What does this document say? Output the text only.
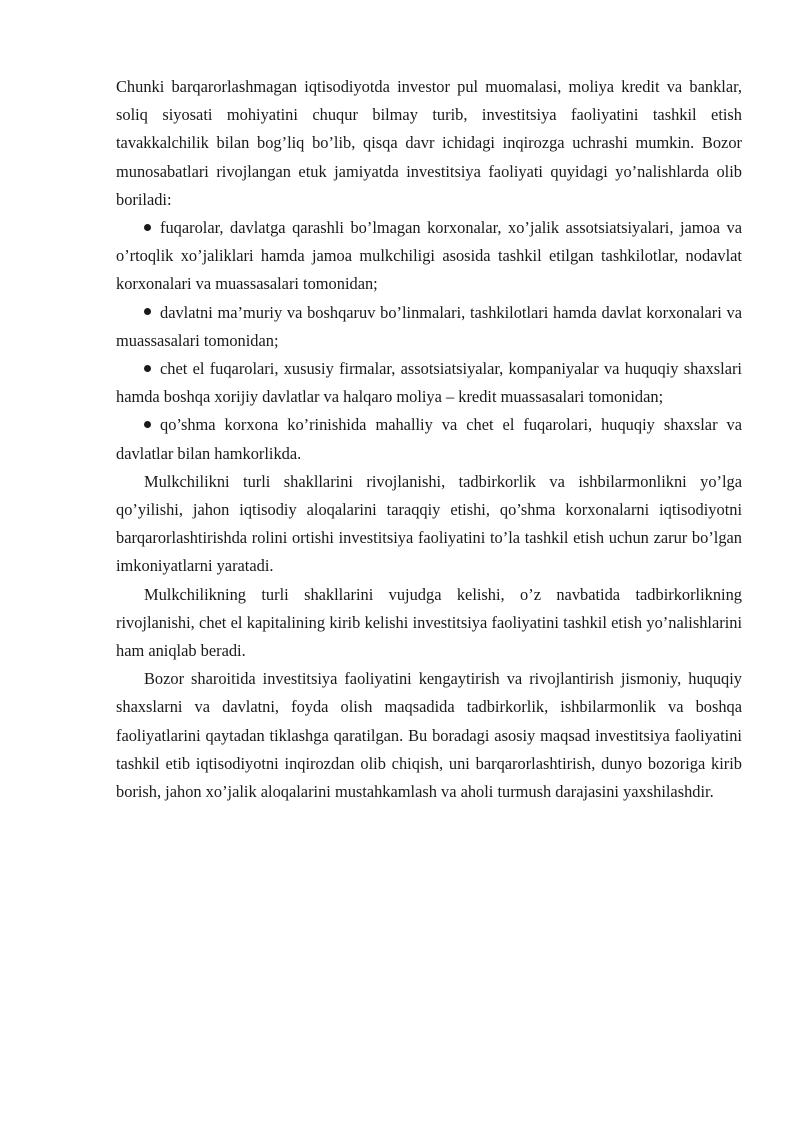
Chunki barqarorlashmagan iqtisodiyotda investor pul muomalasi, moliya kredit va banklar, soliq siyosati mohiyatini chuqur bilmay turib, investitsiya faoliyatini tashkil etish tavakkalchilik bilan bog’liq bo’lib, qisqa davr ichidagi inqirozga uchrashi mumkin. Bozor munosabatlari rivojlangan etuk jamiyatda investitsiya faoliyati quyidagi yo’nalishlarda olib boriladi:

fuqarolar, davlatga qarashli bo’lmagan korxonalar, xo’jalik assotsiatsiyalari, jamoa va o’rtoqlik xo’jaliklari hamda jamoa mulkchiligi asosida tashkil etilgan tashkilotlar, nodavlat korxonalari va muassasalari tomonidan;

davlatni ma’muriy va boshqaruv bo’linmalari, tashkilotlari hamda davlat korxonalari va muassasalari tomonidan;

chet el fuqarolari, xususiy firmalar, assotsiatsiyalar, kompaniyalar va huquqiy shaxslari hamda boshqa xorijiy davlatlar va halqaro moliya – kredit muassasalari tomonidan;

qo’shma korxona ko’rinishida mahalliy va chet el fuqarolari, huquqiy shaxslar va davlatlar bilan hamkorlikda.

Mulkchilikni turli shakllarini rivojlanishi, tadbirkorlik va ishbilarmonlikni yo’lga qo’yilishi, jahon iqtisodiy aloqalarini taraqqiy etishi, qo’shma korxonalarni iqtisodiyotni barqarorlashtirishda rolini ortishi investitsiya faoliyatini to’la tashkil etish uchun zarur bo’lgan imkoniyatlarni yaratadi.

Mulkchilikning turli shakllarini vujudga kelishi, o’z navbatida tadbirkorlikning rivojlanishi, chet el kapitalining kirib kelishi investitsiya faoliyatini tashkil etish yo’nalishlarini ham aniqlab beradi.

Bozor sharoitida investitsiya faoliyatini kengaytirish va rivojlantirish jismoniy, huquqiy shaxslarni va davlatni, foyda olish maqsadida tadbirkorlik, ishbilarmonlik va boshqa faoliyatlarini qaytadan tiklashga qaratilgan. Bu boradagi asosiy maqsad investitsiya faoliyatini tashkil etib iqtisodiyotni inqirozdan olib chiqish, uni barqarorlashtirish, dunyo bozoriga kirib borish, jahon xo’jalik aloqalarini mustahkamlash va aholi turmush darajasini yaxshilashdir.
